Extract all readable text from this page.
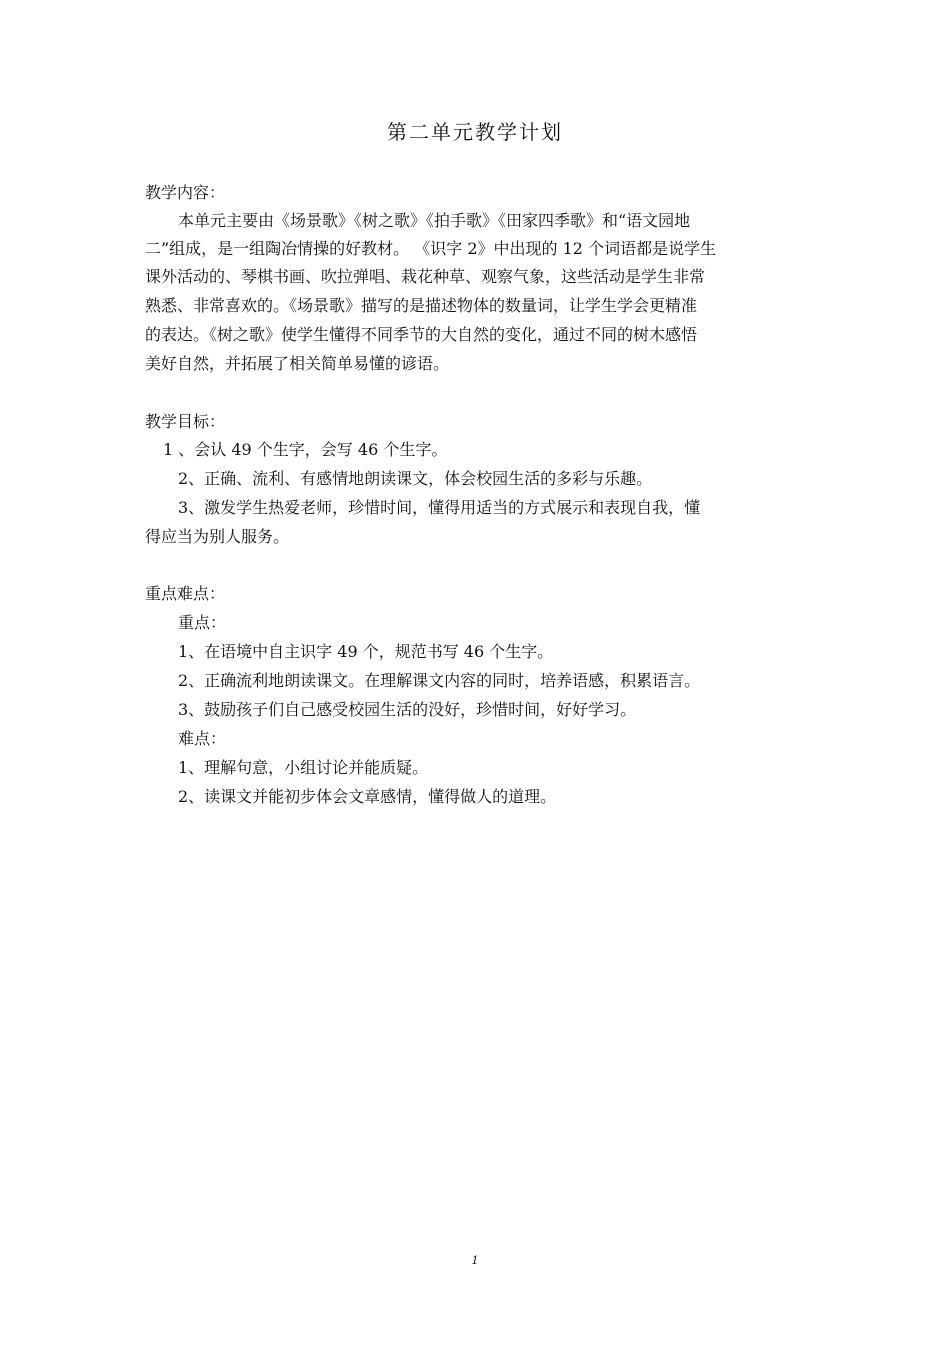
第二单元教学计划
教学内容：
本单元主要由《场景歌》《树之歌》《拍手歌》《田家四季歌》和“语文园地
二”组成，是一组陶冶情操的好教材。 《识字 2》中出现的 12 个词语都是说学生
课外活动的、琴棋书画、吹拉弹唱、栽花种草、观察气象，这些活动是学生非常
熟悉、非常喜欢的。《场景歌》描写的是描述物体的数量词，让学生学会更精准
的表达。《树之歌》使学生懂得不同季节的大自然的变化，通过不同的树木感悟
美好自然，并拓展了相关简单易懂的谚语。
教学目标：
1 、会认 49 个生字，会写 46 个生字。
2、正确、流利、有感情地朗读课文，体会校园生活的多彩与乐趣。
3、激发学生热爱老师，珍惜时间，懂得用适当的方式展示和表现自我，懂
得应当为别人服务。
重点难点：
重点：
1、在语境中自主识字 49 个，规范书写 46 个生字。
2、正确流利地朗读课文。在理解课文内容的同时，培养语感，积累语言。
3、鼓励孩子们自己感受校园生活的没好，珍惜时间，好好学习。
难点：
1、理解句意，小组讨论并能质疑。
2、读课文并能初步体会文章感情，懂得做人的道理。
1
